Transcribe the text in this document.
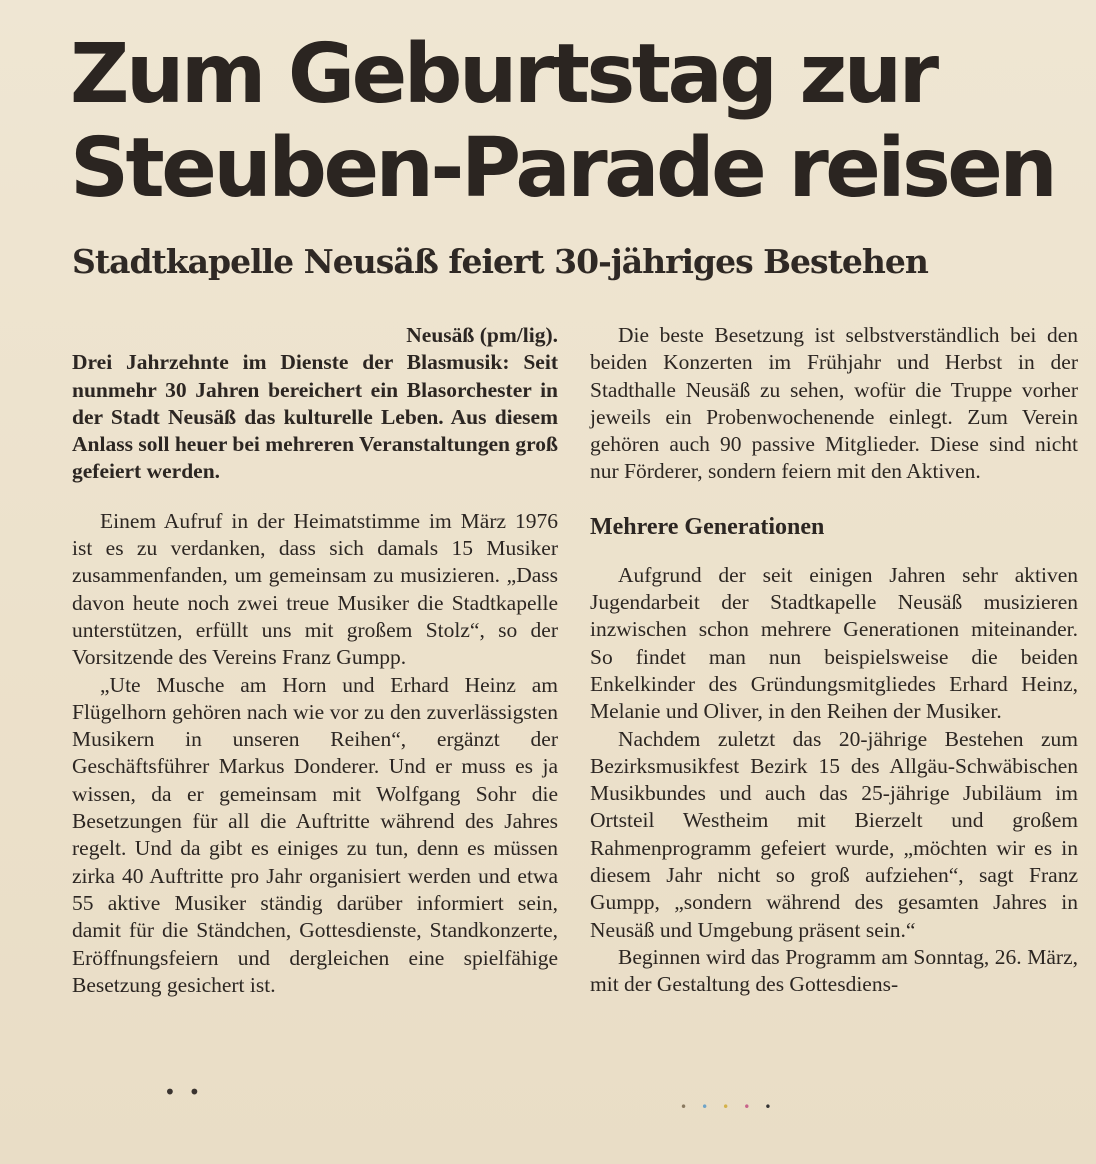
Zum Geburtstag zur
Steuben-Parade reisen
Stadtkapelle Neusäß feiert 30-jähriges Bestehen

Neusäß (pm/lig).

Drei Jahrzehnte im Dienste der Blasmusik: Seit nunmehr 30 Jahren bereichert ein Blasorchester in der Stadt Neusäß das kulturelle Leben. Aus diesem Anlass soll heuer bei mehreren Veranstaltungen groß gefeiert werden.

Einem Aufruf in der Heimatstimme im März 1976 ist es zu verdanken, dass sich damals 15 Musiker zusammenfanden, um gemeinsam zu musizieren. „Dass davon heute noch zwei treue Musiker die Stadtkapelle unterstützen, erfüllt uns mit großem Stolz“, so der Vorsitzende des Vereins Franz Gumpp.

„Ute Musche am Horn und Erhard Heinz am Flügelhorn gehören nach wie vor zu den zuverlässigsten Musikern in unseren Reihen“, ergänzt der Geschäftsführer Markus Donderer. Und er muss es ja wissen, da er gemeinsam mit Wolfgang Sohr die Besetzungen für all die Auftritte während des Jahres regelt. Und da gibt es einiges zu tun, denn es müssen zirka 40 Auftritte pro Jahr organisiert werden und etwa 55 aktive Musiker ständig darüber informiert sein, damit für die Ständchen, Gottesdienste, Standkonzerte, Eröffnungsfeiern und dergleichen eine spielfähige Besetzung gesichert ist.

Die beste Besetzung ist selbstverständlich bei den beiden Konzerten im Frühjahr und Herbst in der Stadthalle Neusäß zu sehen, wofür die Truppe vorher jeweils ein Probenwochenende einlegt. Zum Verein gehören auch 90 passive Mitglieder. Diese sind nicht nur Förderer, sondern feiern mit den Aktiven.

Mehrere Generationen

Aufgrund der seit einigen Jahren sehr aktiven Jugendarbeit der Stadtkapelle Neusäß musizieren inzwischen schon mehrere Generationen miteinander. So findet man nun beispielsweise die beiden Enkelkinder des Gründungsmitgliedes Erhard Heinz, Melanie und Oliver, in den Reihen der Musiker.

Nachdem zuletzt das 20-jährige Bestehen zum Bezirksmusikfest Bezirk 15 des Allgäu-Schwäbischen Musikbundes und auch das 25-jährige Jubiläum im Ortsteil Westheim mit Bierzelt und großem Rahmenprogramm gefeiert wurde, „möchten wir es in diesem Jahr nicht so groß aufziehen“, sagt Franz Gumpp, „sondern während des gesamten Jahres in Neusäß und Umgebung präsent sein.“

Beginnen wird das Programm am Sonntag, 26. März, mit der Gestaltung des Gottesdiens-

•  •
•••••
